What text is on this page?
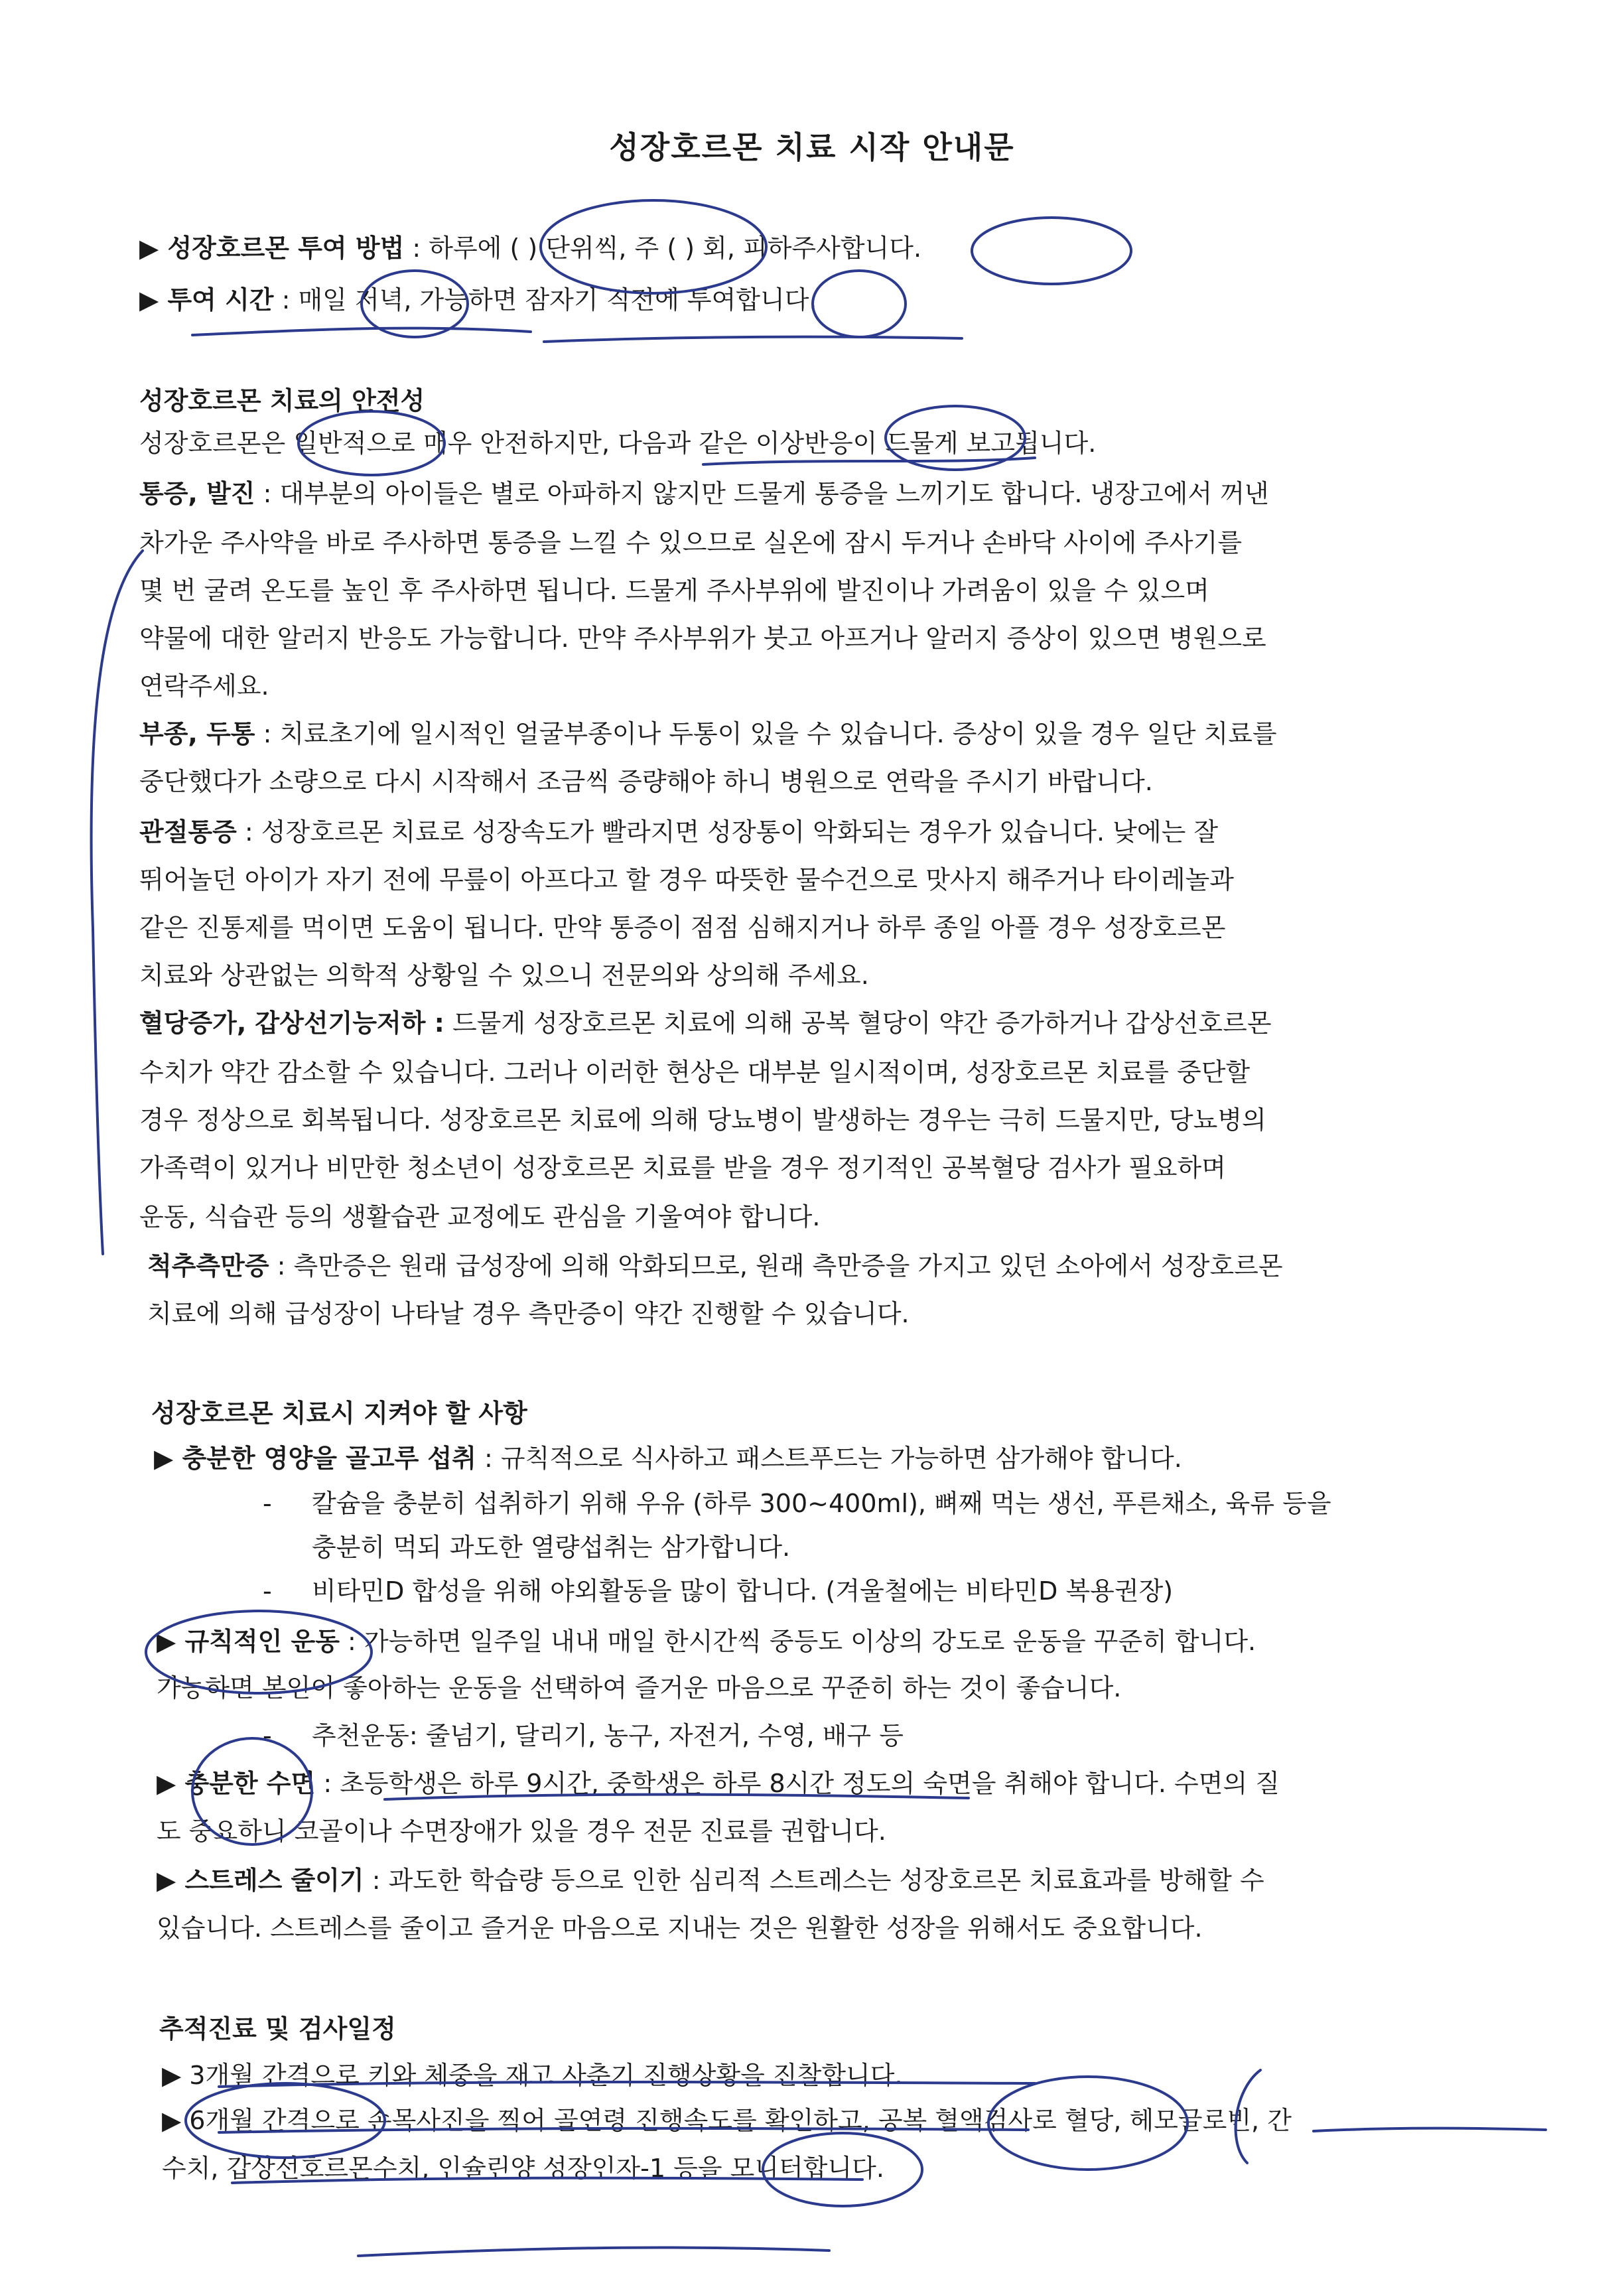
성장호르몬 치료 시작 안내문
▶ 성장호르몬 투여 방법 : 하루에 ( ) 단위씩, 주 ( ) 회, 피하주사합니다.
▶ 투여 시간 : 매일 저녁, 가능하면 잠자기 직전에 투여합니다.
성장호르몬 치료의 안전성
성장호르몬은 일반적으로 매우 안전하지만, 다음과 같은 이상반응이 드물게 보고됩니다.
통증, 발진 : 대부분의 아이들은 별로 아파하지 않지만 드물게 통증을 느끼기도 합니다. 냉장고에서 꺼낸
차가운 주사약을 바로 주사하면 통증을 느낄 수 있으므로 실온에 잠시 두거나 손바닥 사이에 주사기를
몇 번 굴려 온도를 높인 후 주사하면 됩니다. 드물게 주사부위에 발진이나 가려움이 있을 수 있으며
약물에 대한 알러지 반응도 가능합니다. 만약 주사부위가 붓고 아프거나 알러지 증상이 있으면 병원으로
연락주세요.
부종, 두통 : 치료초기에 일시적인 얼굴부종이나 두통이 있을 수 있습니다. 증상이 있을 경우 일단 치료를
중단했다가 소량으로 다시 시작해서 조금씩 증량해야 하니 병원으로 연락을 주시기 바랍니다.
관절통증 : 성장호르몬 치료로 성장속도가 빨라지면 성장통이 악화되는 경우가 있습니다. 낮에는 잘
뛰어놀던 아이가 자기 전에 무릎이 아프다고 할 경우 따뜻한 물수건으로 맛사지 해주거나 타이레놀과
같은 진통제를 먹이면 도움이 됩니다. 만약 통증이 점점 심해지거나 하루 종일 아플 경우 성장호르몬
치료와 상관없는 의학적 상황일 수 있으니 전문의와 상의해 주세요.
혈당증가, 갑상선기능저하 : 드물게 성장호르몬 치료에 의해 공복 혈당이 약간 증가하거나 갑상선호르몬
수치가 약간 감소할 수 있습니다. 그러나 이러한 현상은 대부분 일시적이며, 성장호르몬 치료를 중단할
경우 정상으로 회복됩니다. 성장호르몬 치료에 의해 당뇨병이 발생하는 경우는 극히 드물지만, 당뇨병의
가족력이 있거나 비만한 청소년이 성장호르몬 치료를 받을 경우 정기적인 공복혈당 검사가 필요하며
운동, 식습관 등의 생활습관 교정에도 관심을 기울여야 합니다.
척추측만증 : 측만증은 원래 급성장에 의해 악화되므로, 원래 측만증을 가지고 있던 소아에서 성장호르몬
치료에 의해 급성장이 나타날 경우 측만증이 약간 진행할 수 있습니다.
성장호르몬 치료시 지켜야 할 사항
▶ 충분한 영양을 골고루 섭취 : 규칙적으로 식사하고 패스트푸드는 가능하면 삼가해야 합니다.
- 칼슘을 충분히 섭취하기 위해 우유 (하루 300~400ml), 뼈째 먹는 생선, 푸른채소, 육류 등을
충분히 먹되 과도한 열량섭취는 삼가합니다.
- 비타민D 합성을 위해 야외활동을 많이 합니다. (겨울철에는 비타민D 복용권장)
▶ 규칙적인 운동 : 가능하면 일주일 내내 매일 한시간씩 중등도 이상의 강도로 운동을 꾸준히 합니다.
가능하면 본인이 좋아하는 운동을 선택하여 즐거운 마음으로 꾸준히 하는 것이 좋습니다.
- 추천운동: 줄넘기, 달리기, 농구, 자전거, 수영, 배구 등
▶ 충분한 수면 : 초등학생은 하루 9시간, 중학생은 하루 8시간 정도의 숙면을 취해야 합니다. 수면의 질
도 중요하니 코골이나 수면장애가 있을 경우 전문 진료를 권합니다.
▶ 스트레스 줄이기 : 과도한 학습량 등으로 인한 심리적 스트레스는 성장호르몬 치료효과를 방해할 수
있습니다. 스트레스를 줄이고 즐거운 마음으로 지내는 것은 원활한 성장을 위해서도 중요합니다.
추적진료 및 검사일정
▶ 3개월 간격으로 키와 체중을 재고 사춘기 진행상황을 진찰합니다.
▶ 6개월 간격으로 손목사진을 찍어 골연령 진행속도를 확인하고, 공복 혈액검사로 혈당, 헤모글로빈, 간
수치, 갑상선호르몬수치, 인슐린양 성장인자-1 등을 모니터합니다.
